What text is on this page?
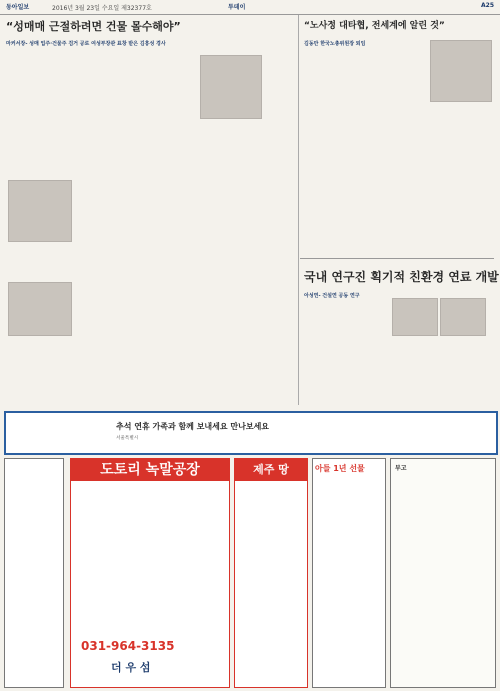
동아일보	2016년 3월 23일 수요일 제32377호	투데이	A25
“성매매 근절하려면 건물 몰수해야”
마커서장- 성매 업주·건물주 검거 공로 여성부장관 표창 받은 김흥성 경사
“노사정 대타협, 전세계에 알린 것”
김동만 한국노총위원장 퇴임
국내 연구진 획기적 친환경 연료 개발
아성연- 건설연 공동 연구
추석 연휴 가족과 함께 보내세요 만나보세요
서울특별시
도토리 녹말공장
031-964-3135
더 우 섬
제주 땅	아들 1년 선물	부고
